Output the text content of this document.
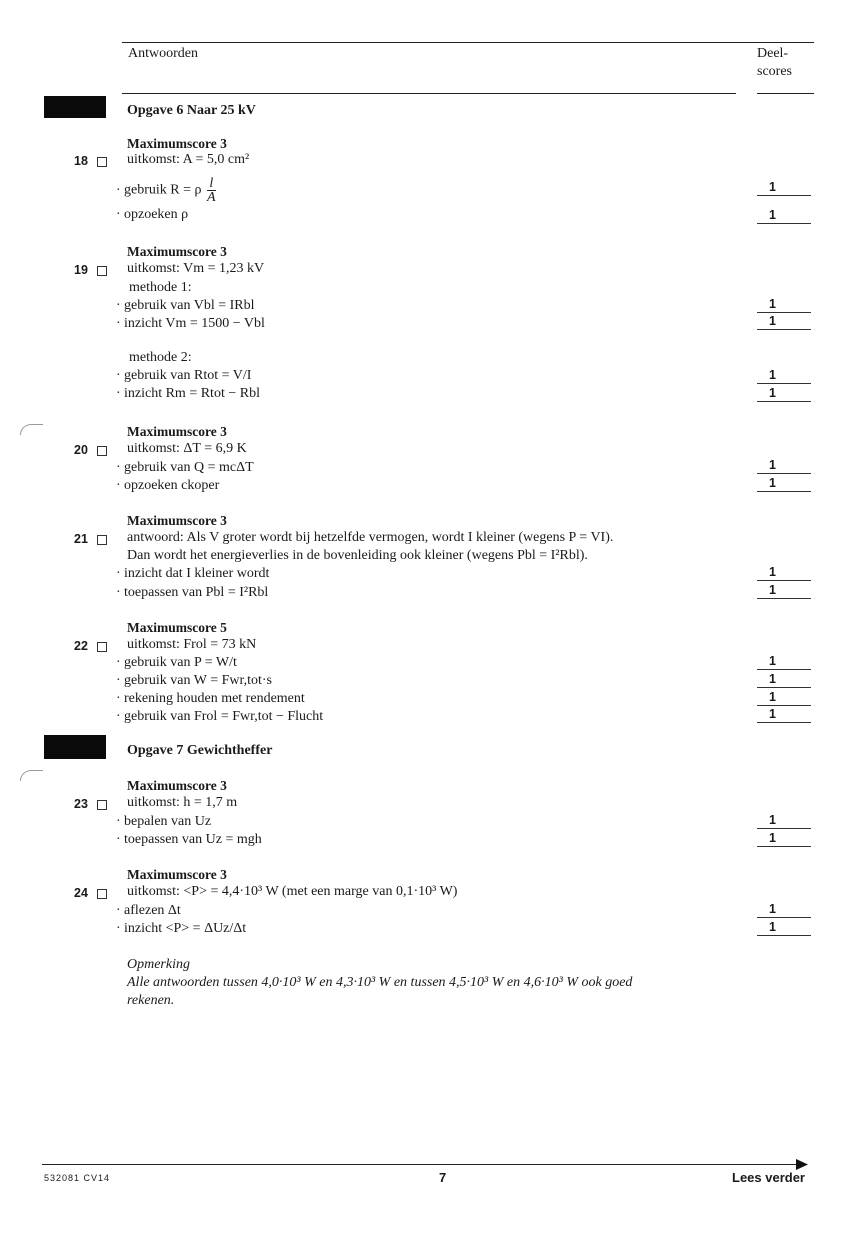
Antwoorden	Deel-
scores
Opgave 6 Naar 25 kV
Maximumscore 3
18	uitkomst: A = 5,0 cm²
· gebruik R = ρ $\frac{l}{A}$	1
· opzoeken ρ	1
Maximumscore 3
19	uitkomst: Vm = 1,23 kV
methode 1:
· gebruik van Vbl = IRbl	1
· inzicht Vm = 1500 − Vbl	1
methode 2:
· gebruik van Rtot = V/I	1
· inzicht Rm = Rtot − Rbl	1
Maximumscore 3
20	uitkomst: ΔT = 6,9 K
· gebruik van Q = mcΔT	1
· opzoeken ckoper	1
Maximumscore 3
21	antwoord: Als V groter wordt bij hetzelfde vermogen, wordt I kleiner (wegens P = VI).
Dan wordt het energieverlies in de bovenleiding ook kleiner (wegens Pbl = I²Rbl).
· inzicht dat I kleiner wordt	1
· toepassen van Pbl = I²Rbl	1
Maximumscore 5
22	uitkomst: Frol = 73 kN
· gebruik van P = W/t	1
· gebruik van W = Fwr,tot·s	1
· rekening houden met rendement	1
· gebruik van Frol = Fwr,tot − Flucht	1
Opgave 7 Gewichtheffer
Maximumscore 3
23	uitkomst: h = 1,7 m
· bepalen van Uz	1
· toepassen van Uz = mgh	1
Maximumscore 3
24	uitkomst: <P> = 4,4·10³ W (met een marge van 0,1·10³ W)
· aflezen Δt	1
· inzicht <P> = ΔUz/Δt	1
Opmerking
Alle antwoorden tussen 4,0·10³ W en 4,3·10³ W en tussen 4,5·10³ W en 4,6·10³ W ook goed
rekenen.
532081 CV14	7	Lees verder
